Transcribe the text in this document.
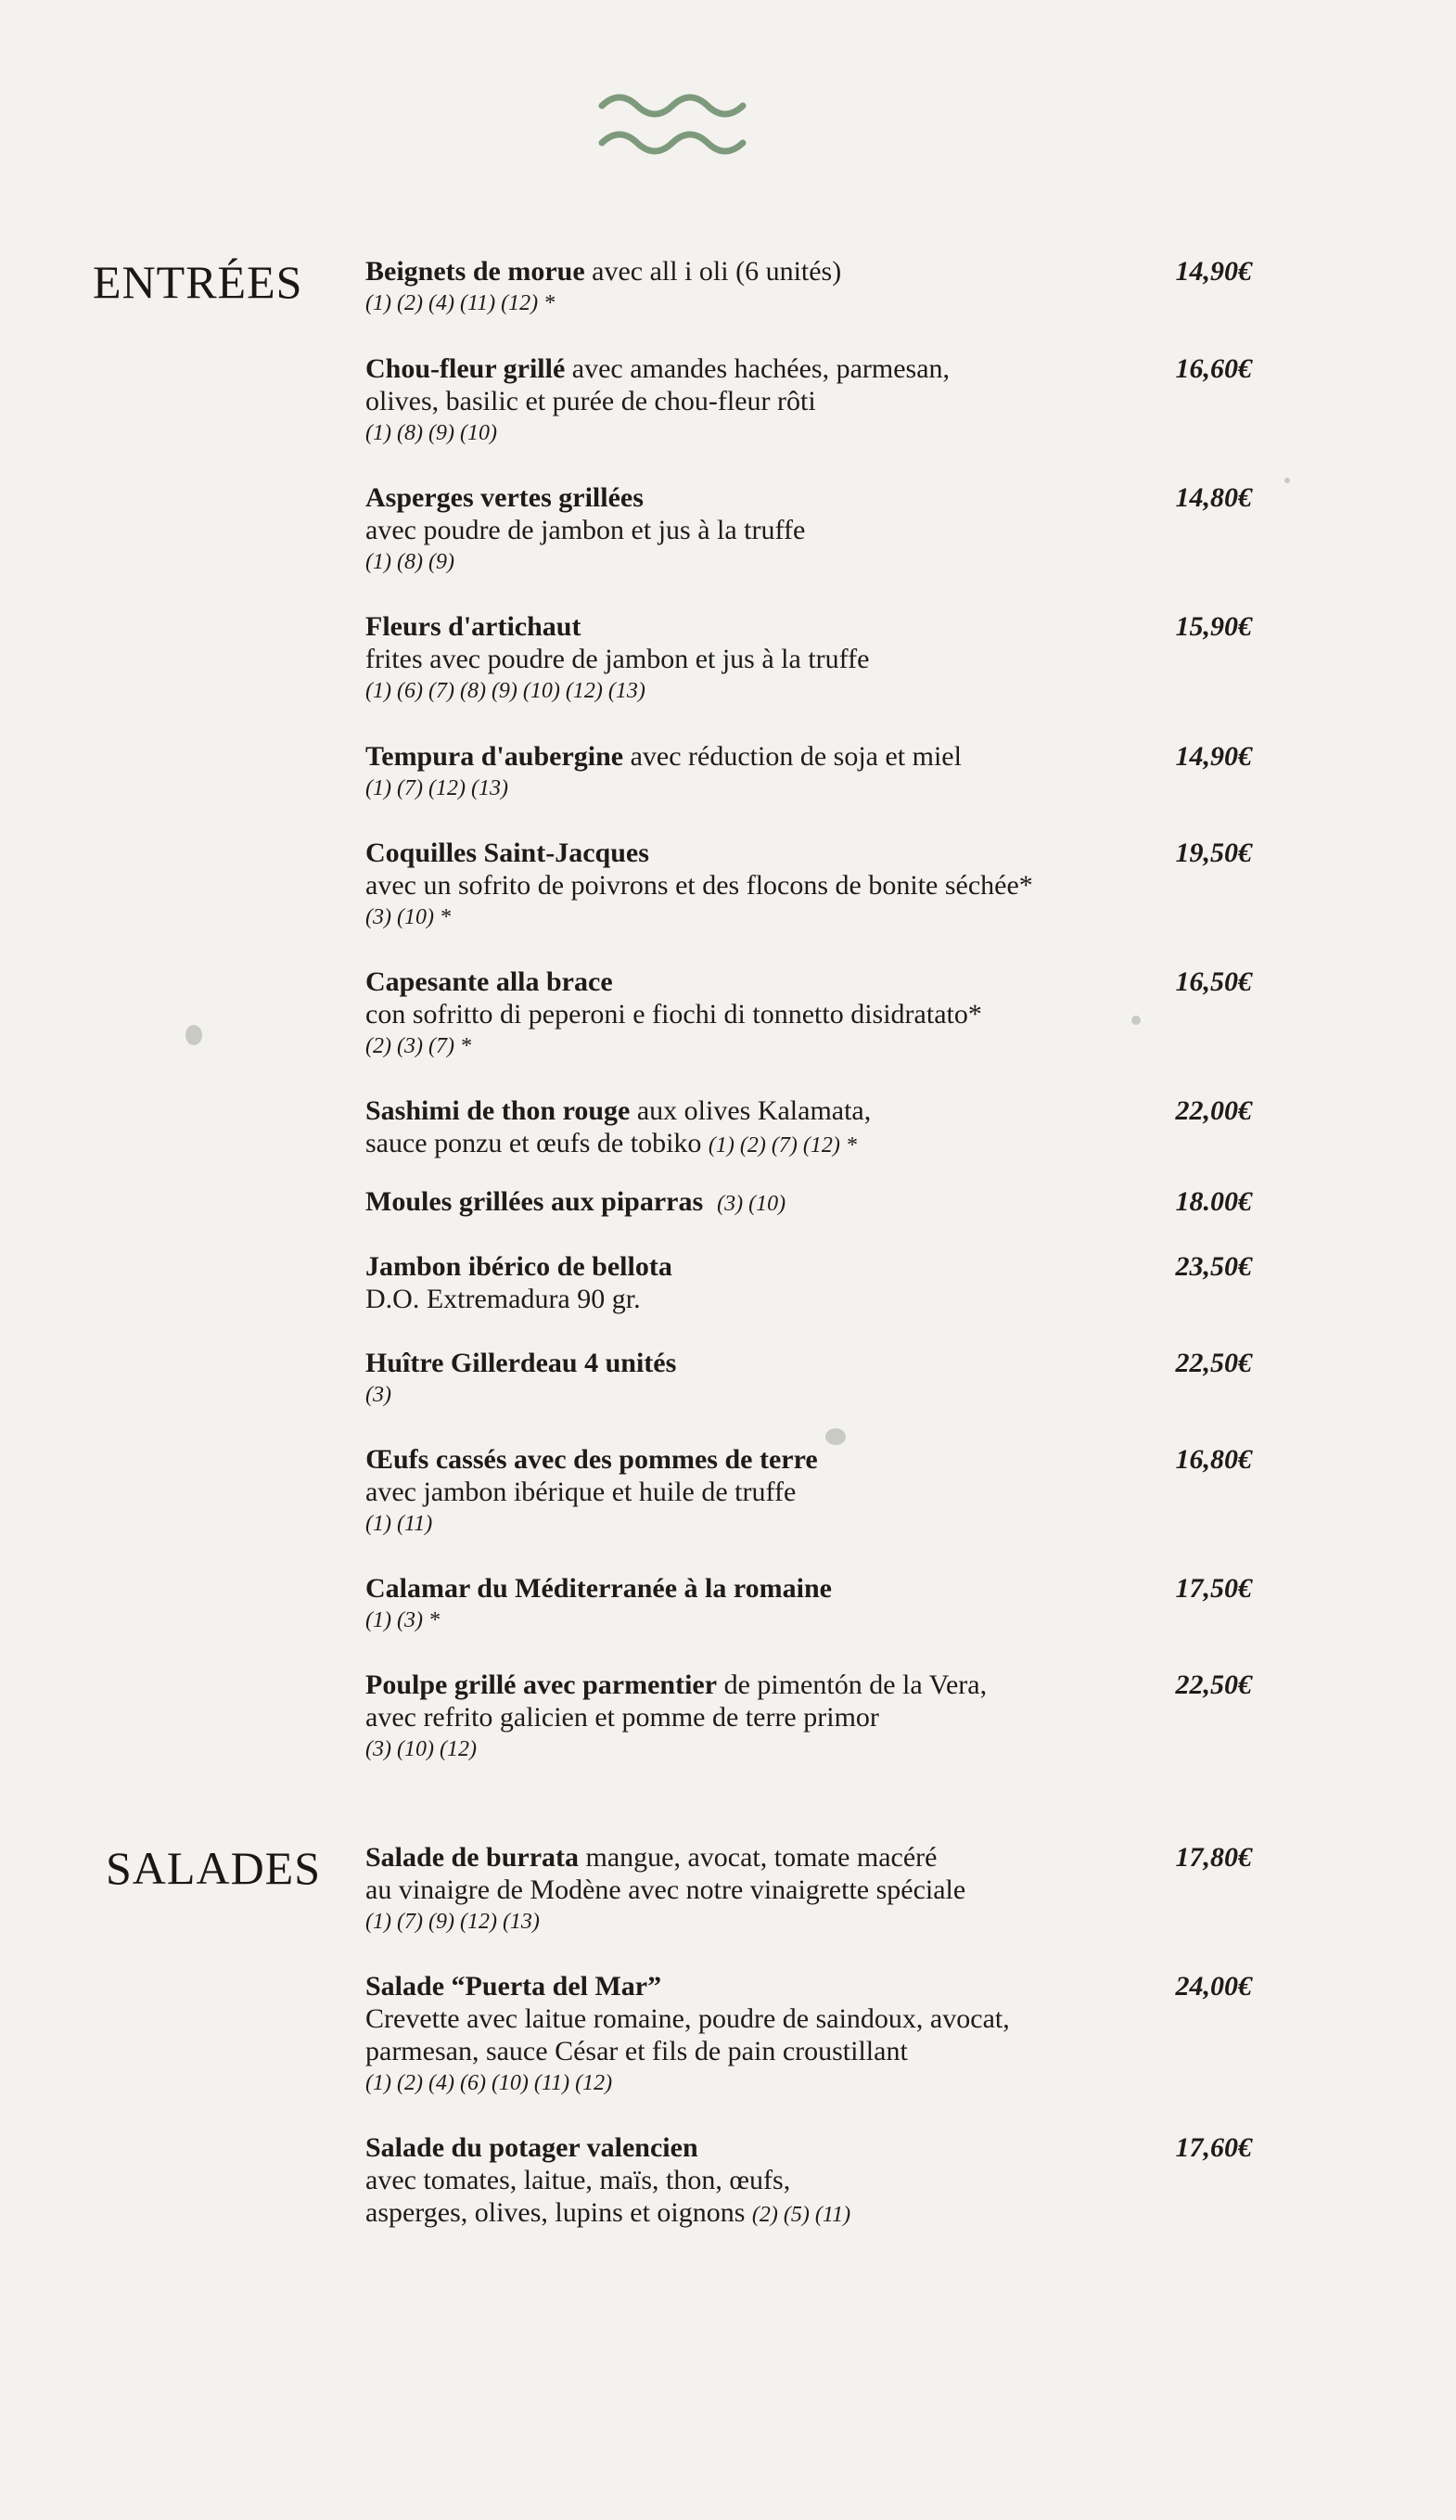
ENTRÉES Beignets de morue avec all i oli (6 unités)
(1) (2) (4) (11) (12) *
14,90€
Chou-fleur grillé avec amandes hachées, parmesan,
olives, basilic et purée de chou-fleur rôti
(1) (8) (9) (10)
16,60€
Asperges vertes grillées
avec poudre de jambon et jus à la truffe
(1) (8) (9)
14,80€
Fleurs d'artichaut
frites avec poudre de jambon et jus à la truffe
(1) (6) (7) (8) (9) (10) (12) (13)
15,90€
Tempura d'aubergine avec réduction de soja et miel
(1) (7) (12) (13)
14,90€
Coquilles Saint-Jacques
avec un sofrito de poivrons et des flocons de bonite séchée*
(3) (10) *
19,50€
Capesante alla brace
con sofritto di peperoni e fiochi di tonnetto disidratato*
(2) (3) (7) *
16,50€
Sashimi de thon rouge aux olives Kalamata,
sauce ponzu et œufs de tobiko (1) (2) (7) (12) *
22,00€
Moules grillées aux piparras (3) (10)	18.00€
Jambon ibérico de bellota
D.O. Extremadura 90 gr.
23,50€
Huître Gillerdeau 4 unités
(3)
22,50€
Œufs cassés avec des pommes de terre
avec jambon ibérique et huile de truffe
(1) (11)
16,80€
Calamar du Méditerranée à la romaine
(1) (3) *
17,50€
Poulpe grillé avec parmentier de pimentón de la Vera,
avec refrito galicien et pomme de terre primor
(3) (10) (12)
22,50€
SALADES Salade de burrata mangue, avocat, tomate macéré
au vinaigre de Modène avec notre vinaigrette spéciale
(1) (7) (9) (12) (13)
17,80€
Salade “Puerta del Mar”
Crevette avec laitue romaine, poudre de saindoux, avocat,
parmesan, sauce César et fils de pain croustillant
(1) (2) (4) (6) (10) (11) (12)
24,00€
Salade du potager valencien
avec tomates, laitue, maïs, thon, œufs,
asperges, olives, lupins et oignons (2) (5) (11)
17,60€
